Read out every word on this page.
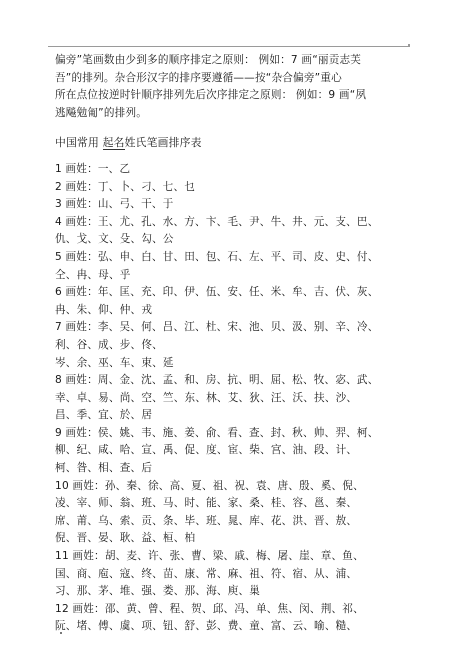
偏旁”笔画数由少到多的顺序排定之原则： 例如：7 画“丽贡志芙
吾”的排列。杂合形汉字的排序要遵循——按“杂合偏旁”重心
所在点位按逆时针顺序排列先后次序排定之原则： 例如：9 画“夙
逃飚勉匍”的排列。
中国常用 起名姓氏笔画排序表
1 画姓：一、乙
2 画姓：丁、卜、刁、七、乜
3 画姓：山、弓、干、于
4 画姓：王、尤、孔、水、方、卞、毛、尹、牛、井、元、支、巴、
仇、戈、文、殳、勾、公
5 画姓：弘、申、白、甘、田、包、石、左、平、司、皮、史、付、
仝、冉、母、乎
6 画姓：年、匡、充、印、伊、伍、安、任、米、牟、吉、伏、灰、
冉、朱、仰、仲、戎
7 画姓：李、吴、何、吕、江、杜、宋、池、贝、汲、别、辛、冷、
利、谷、成、步、佟、
岑、余、巫、车、束、延
8 画姓：周、金、沈、孟、和、房、抗、明、屈、松、牧、宓、武、
幸、卓、易、尚、空、竺、东、林、艾、狄、汪、沃、扶、沙、
昌、季、宜、於、居
9 画姓：侯、姚、韦、施、姜、俞、看、查、封、秋、帅、羿、柯、
柳、纪、咸、哈、宣、禹、促、度、宦、柴、宫、油、段、计、
柯、昝、相、查、后
10 画姓：孙、秦、徐、高、夏、祖、祝、袁、唐、殷、奚、倪、
凌、宰、师、翁、班、马、时、能、家、桑、桂、容、邕、秦、
席、莆、乌、索、贡、条、毕、班、晁、库、花、洪、晋、敖、
倪、晋、晏、耿、益、桓、柏
11 画姓：胡、麦、许、张、曹、梁、戚、梅、屠、崖、章、鱼、
国、商、庖、寇、终、苗、康、常、麻、祖、符、宿、从、浦、
习、那、茅、堆、强、娄、那、海、庾、巢
12 画姓：邵、黄、曾、程、贺、邱、冯、单、焦、闵、荆、祁、
阮、堵、傅、虞、项、钮、舒、彭、费、童、富、云、喻、糙、
